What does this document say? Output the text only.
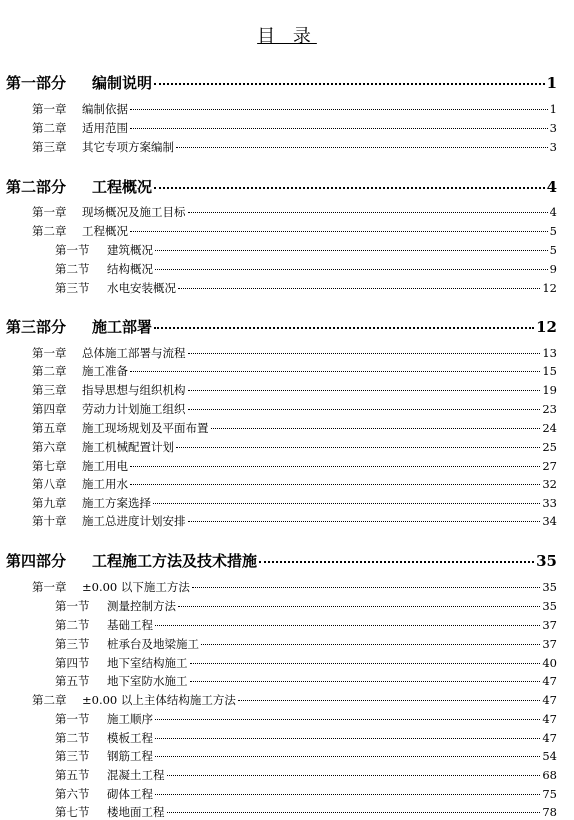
目 录
第一部分 编制说明	1
第一章 编制依据	1
第二章 适用范围	3
第三章 其它专项方案编制	3
第二部分 工程概况	4
第一章 现场概况及施工目标	4
第二章 工程概况	5
第一节 建筑概况	5
第二节 结构概况	9
第三节 水电安装概况	12
第三部分 施工部署	12
第一章 总体施工部署与流程	13
第二章 施工准备	15
第三章 指导思想与组织机构	19
第四章 劳动力计划施工组织	23
第五章 施工现场规划及平面布置	24
第六章 施工机械配置计划	25
第七章 施工用电	27
第八章 施工用水	32
第九章 施工方案选择	33
第十章 施工总进度计划安排	34
第四部分 工程施工方法及技术措施	35
第一章 ±0.00 以下施工方法	35
第一节 测量控制方法	35
第二节 基础工程	37
第三节 桩承台及地梁施工	37
第四节 地下室结构施工	40
第五节 地下室防水施工	47
第二章 ±0.00 以上主体结构施工方法	47
第一节 施工顺序	47
第二节 模板工程	47
第三节 钢筋工程	54
第五节 混凝土工程	68
第六节 砌体工程	75
第七节 楼地面工程	78
